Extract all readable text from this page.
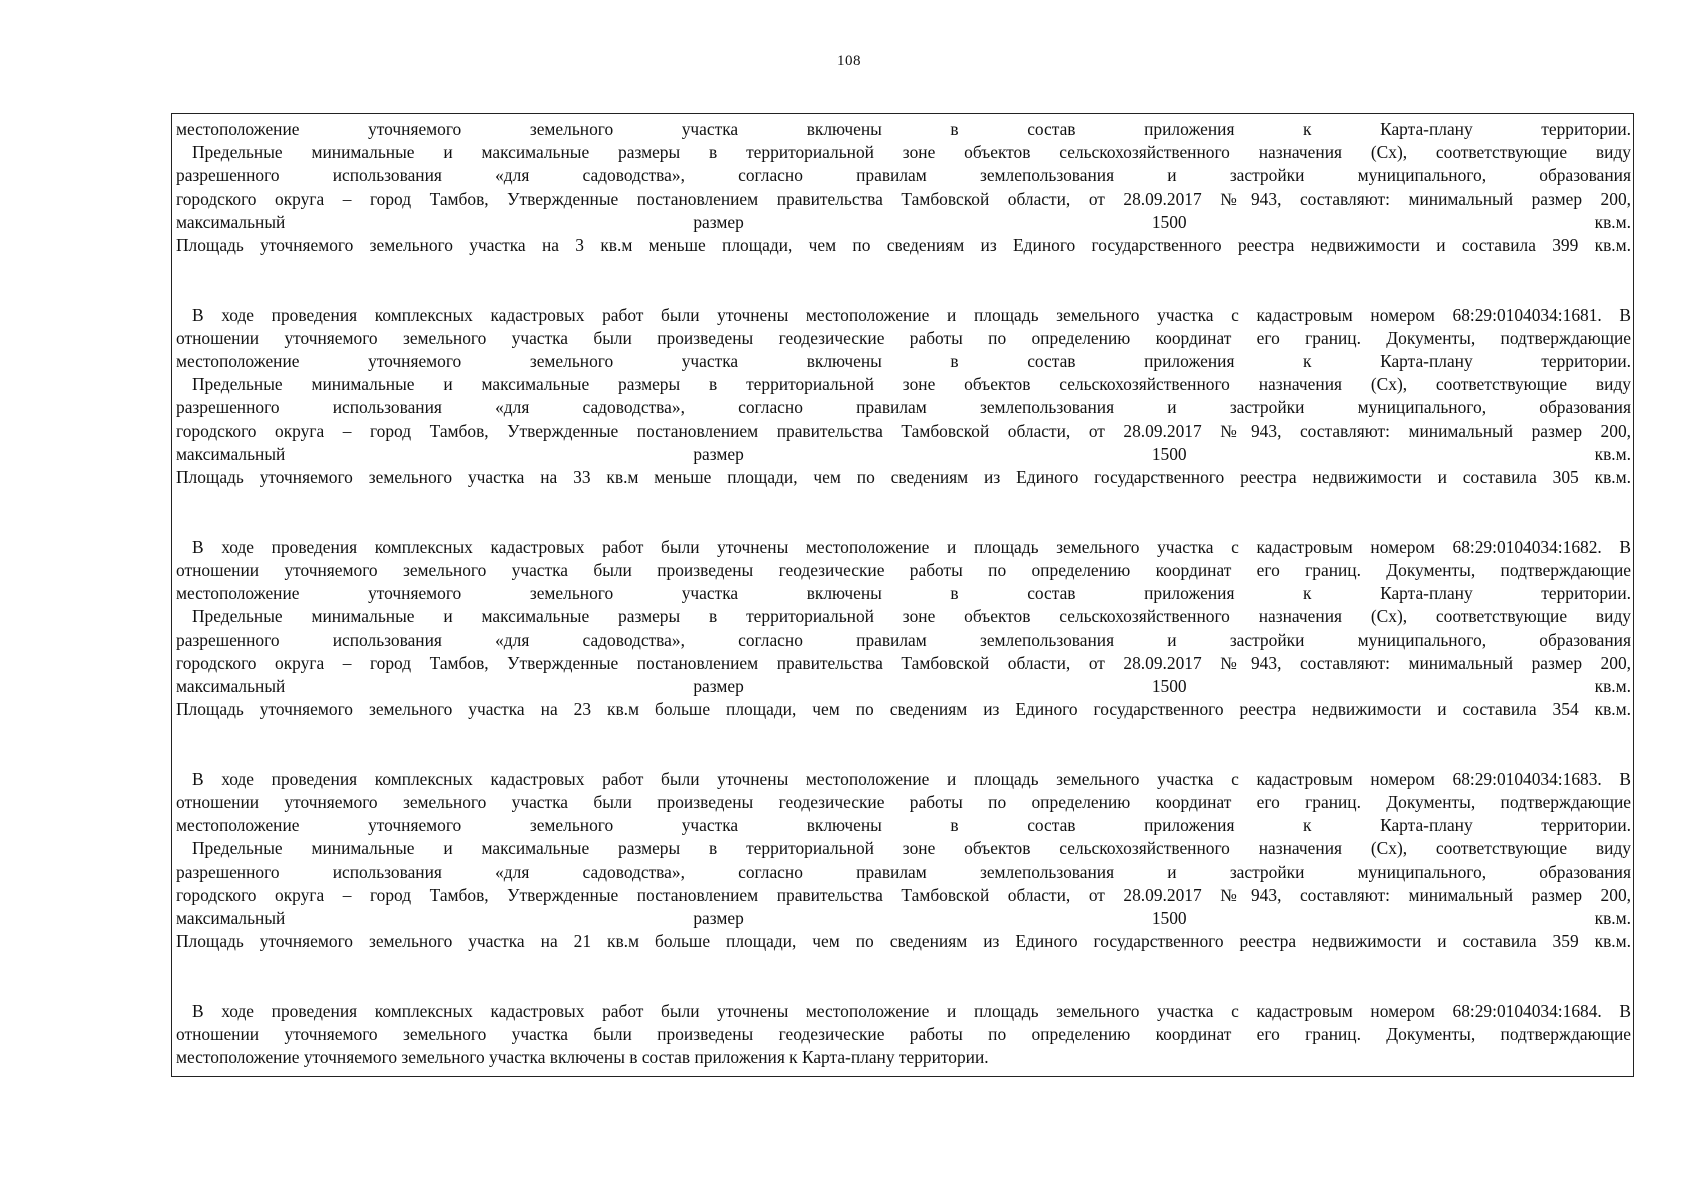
108
местоположение уточняемого земельного участка включены в состав приложения к Карта-плану территории.
Предельные минимальные и максимальные размеры в территориальной зоне объектов сельскохозяйственного назначения (Сх), соответствующие виду
разрешенного использования «для садоводства», согласно правилам землепользования и застройки муниципального, образования
городского округа – город Тамбов, Утвержденные постановлением правительства Тамбовской области, от 28.09.2017 №943, составляют: минимальный размер 200,
максимальный размер 1500 кв.м.
Площадь уточняемого земельного участка на 3 кв.м меньше площади, чем по сведениям из Единого государственного реестра недвижимости и составила 399 кв.м.
В ходе проведения комплексных кадастровых работ были уточнены местоположение и площадь земельного участка с кадастровым номером 68:29:0104034:1681. В
отношении уточняемого земельного участка были произведены геодезические работы по определению координат его границ. Документы, подтверждающие
местоположение уточняемого земельного участка включены в состав приложения к Карта-плану территории.
Предельные минимальные и максимальные размеры в территориальной зоне объектов сельскохозяйственного назначения (Сх), соответствующие виду
разрешенного использования «для садоводства», согласно правилам землепользования и застройки муниципального, образования
городского округа – город Тамбов, Утвержденные постановлением правительства Тамбовской области, от 28.09.2017 №943, составляют: минимальный размер 200,
максимальный размер 1500 кв.м.
Площадь уточняемого земельного участка на 33 кв.м меньше площади, чем по сведениям из Единого государственного реестра недвижимости и составила 305 кв.м.
В ходе проведения комплексных кадастровых работ были уточнены местоположение и площадь земельного участка с кадастровым номером 68:29:0104034:1682. В
отношении уточняемого земельного участка были произведены геодезические работы по определению координат его границ. Документы, подтверждающие
местоположение уточняемого земельного участка включены в состав приложения к Карта-плану территории.
Предельные минимальные и максимальные размеры в территориальной зоне объектов сельскохозяйственного назначения (Сх), соответствующие виду
разрешенного использования «для садоводства», согласно правилам землепользования и застройки муниципального, образования
городского округа – город Тамбов, Утвержденные постановлением правительства Тамбовской области, от 28.09.2017 №943, составляют: минимальный размер 200,
максимальный размер 1500 кв.м.
Площадь уточняемого земельного участка на 23 кв.м больше площади, чем по сведениям из Единого государственного реестра недвижимости и составила 354 кв.м.
В ходе проведения комплексных кадастровых работ были уточнены местоположение и площадь земельного участка с кадастровым номером 68:29:0104034:1683. В
отношении уточняемого земельного участка были произведены геодезические работы по определению координат его границ. Документы, подтверждающие
местоположение уточняемого земельного участка включены в состав приложения к Карта-плану территории.
Предельные минимальные и максимальные размеры в территориальной зоне объектов сельскохозяйственного назначения (Сх), соответствующие виду
разрешенного использования «для садоводства», согласно правилам землепользования и застройки муниципального, образования
городского округа – город Тамбов, Утвержденные постановлением правительства Тамбовской области, от 28.09.2017 №943, составляют: минимальный размер 200,
максимальный размер 1500 кв.м.
Площадь уточняемого земельного участка на 21 кв.м больше площади, чем по сведениям из Единого государственного реестра недвижимости и составила 359 кв.м.
В ходе проведения комплексных кадастровых работ были уточнены местоположение и площадь земельного участка с кадастровым номером 68:29:0104034:1684. В
отношении уточняемого земельного участка были произведены геодезические работы по определению координат его границ. Документы, подтверждающие
местоположение уточняемого земельного участка включены в состав приложения к Карта-плану территории.
